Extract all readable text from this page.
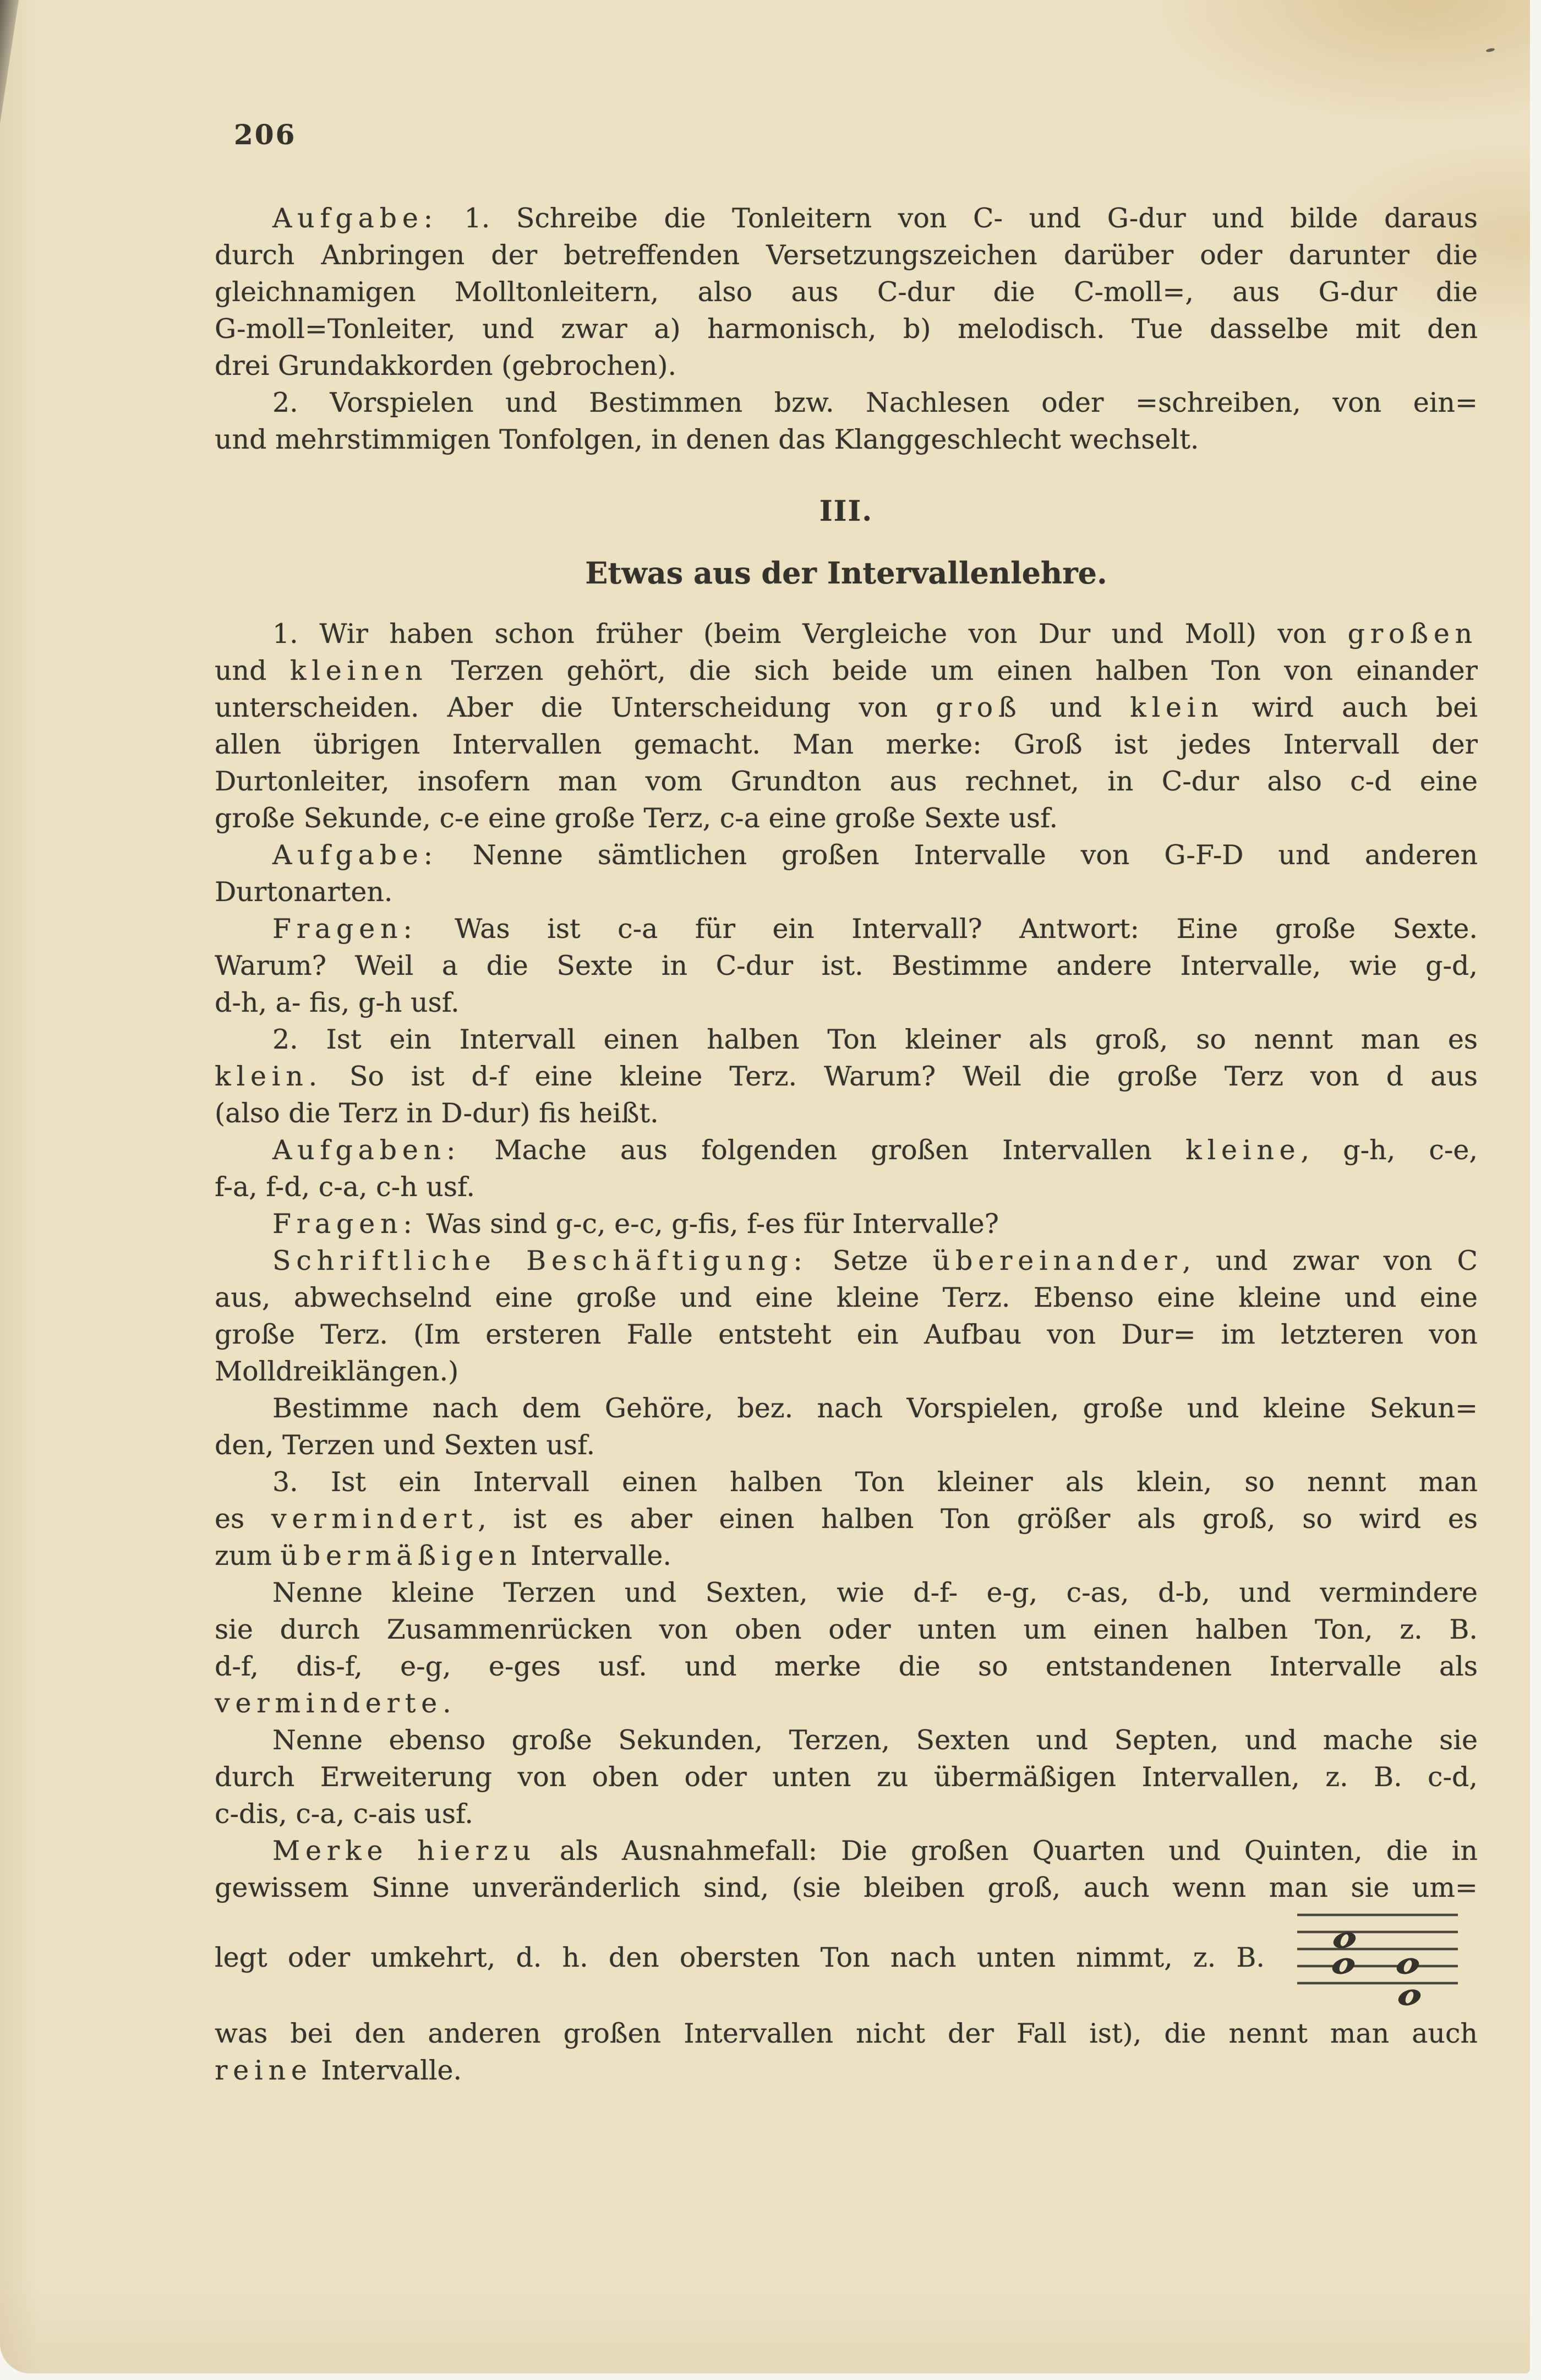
206
Aufgabe: 1. Schreibe die Tonleitern von C- und G-dur und bilde daraus
durch Anbringen der betreffenden Versetzungszeichen darüber oder darunter die
gleichnamigen Molltonleitern, also aus C-dur die C-moll=, aus G-dur die
G-moll=Tonleiter, und zwar a) harmonisch, b) melodisch. Tue dasselbe mit den
drei Grundakkorden (gebrochen).
2. Vorspielen und Bestimmen bzw. Nachlesen oder =schreiben, von ein=
und mehrstimmigen Tonfolgen, in denen das Klanggeschlecht wechselt.
III.
Etwas aus der Intervallenlehre.
1. Wir haben schon früher (beim Vergleiche von Dur und Moll) von großen
und kleinen Terzen gehört, die sich beide um einen halben Ton von einander
unterscheiden. Aber die Unterscheidung von groß und klein wird auch bei
allen übrigen Intervallen gemacht. Man merke: Groß ist jedes Intervall der
Durtonleiter, insofern man vom Grundton aus rechnet, in C-dur also c-d eine
große Sekunde, c-e eine große Terz, c-a eine große Sexte usf.
Aufgabe: Nenne sämtlichen großen Intervalle von G-F-D und anderen
Durtonarten.
Fragen: Was ist c-a für ein Intervall? Antwort: Eine große Sexte.
Warum? Weil a die Sexte in C-dur ist. Bestimme andere Intervalle, wie g-d,
d-h, a- fis, g-h usf.
2. Ist ein Intervall einen halben Ton kleiner als groß, so nennt man es
klein. So ist d-f eine kleine Terz. Warum? Weil die große Terz von d aus
(also die Terz in D-dur) fis heißt.
Aufgaben: Mache aus folgenden großen Intervallen kleine, g-h, c-e,
f-a, f-d, c-a, c-h usf.
Fragen: Was sind g-c, e-c, g-fis, f-es für Intervalle?
Schriftliche Beschäftigung: Setze übereinander, und zwar von C
aus, abwechselnd eine große und eine kleine Terz. Ebenso eine kleine und eine
große Terz. (Im ersteren Falle entsteht ein Aufbau von Dur= im letzteren von
Molldreiklängen.)
Bestimme nach dem Gehöre, bez. nach Vorspielen, große und kleine Sekun=
den, Terzen und Sexten usf.
3. Ist ein Intervall einen halben Ton kleiner als klein, so nennt man
es vermindert, ist es aber einen halben Ton größer als groß, so wird es
zum übermäßigen Intervalle.
Nenne kleine Terzen und Sexten, wie d-f- e-g, c-as, d-b, und vermindere
sie durch Zusammenrücken von oben oder unten um einen halben Ton, z. B.
d-f, dis-f, e-g, e-ges usf. und merke die so entstandenen Intervalle als
verminderte.
Nenne ebenso große Sekunden, Terzen, Sexten und Septen, und mache sie
durch Erweiterung von oben oder unten zu übermäßigen Intervallen, z. B. c-d,
c-dis, c-a, c-ais usf.
Merke hierzu als Ausnahmefall: Die großen Quarten und Quinten, die in
gewissem Sinne unveränderlich sind, (sie bleiben groß, auch wenn man sie um=
legt oder umkehrt, d. h. den obersten Ton nach unten nimmt, z. B.
was bei den anderen großen Intervallen nicht der Fall ist), die nennt man auch
reine Intervalle.
